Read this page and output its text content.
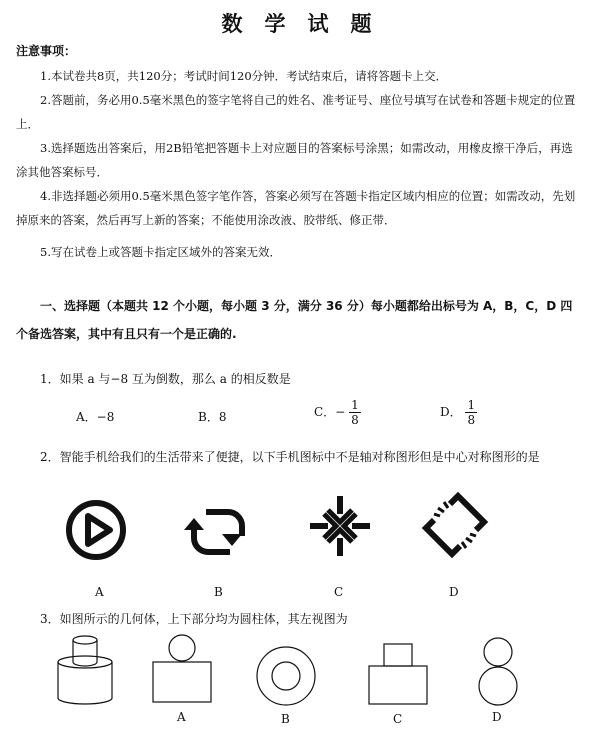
数学试题
注意事项：
1.本试卷共8页，共120分；考试时间120分钟．考试结束后，请将答题卡上交．
2.答题前，务必用0.5毫米黑色的签字笔将自己的姓名、准考证号、座位号填写在试卷和答题卡规定的位置上．
3.选择题选出答案后，用2B铅笔把答题卡上对应题目的答案标号涂黑；如需改动，用橡皮擦干净后，再选涂其他答案标号．
4.非选择题必须用0.5毫米黑色签字笔作答，答案必须写在答题卡指定区域内相应的位置；如需改动，先划掉原来的答案，然后再写上新的答案；不能使用涂改液、胶带纸、修正带．
5.写在试卷上或答题卡指定区域外的答案无效．
一、选择题（本题共 12 个小题，每小题 3 分，满分 36 分）每小题都给出标号为 A，B，C，D 四个备选答案，其中有且只有一个是正确的.
1．如果 a 与−8 互为倒数，那么 a 的相反数是
A．−8	B．8	C．− $\frac{1}{8}$	D． $\frac{1}{8}$
2．智能手机给我们的生活带来了便捷，以下手机图标中不是轴对称图形但是中心对称图形的是
A	B	C	D
3．如图所示的几何体，上下部分均为圆柱体，其左视图为
A	B	C	D
